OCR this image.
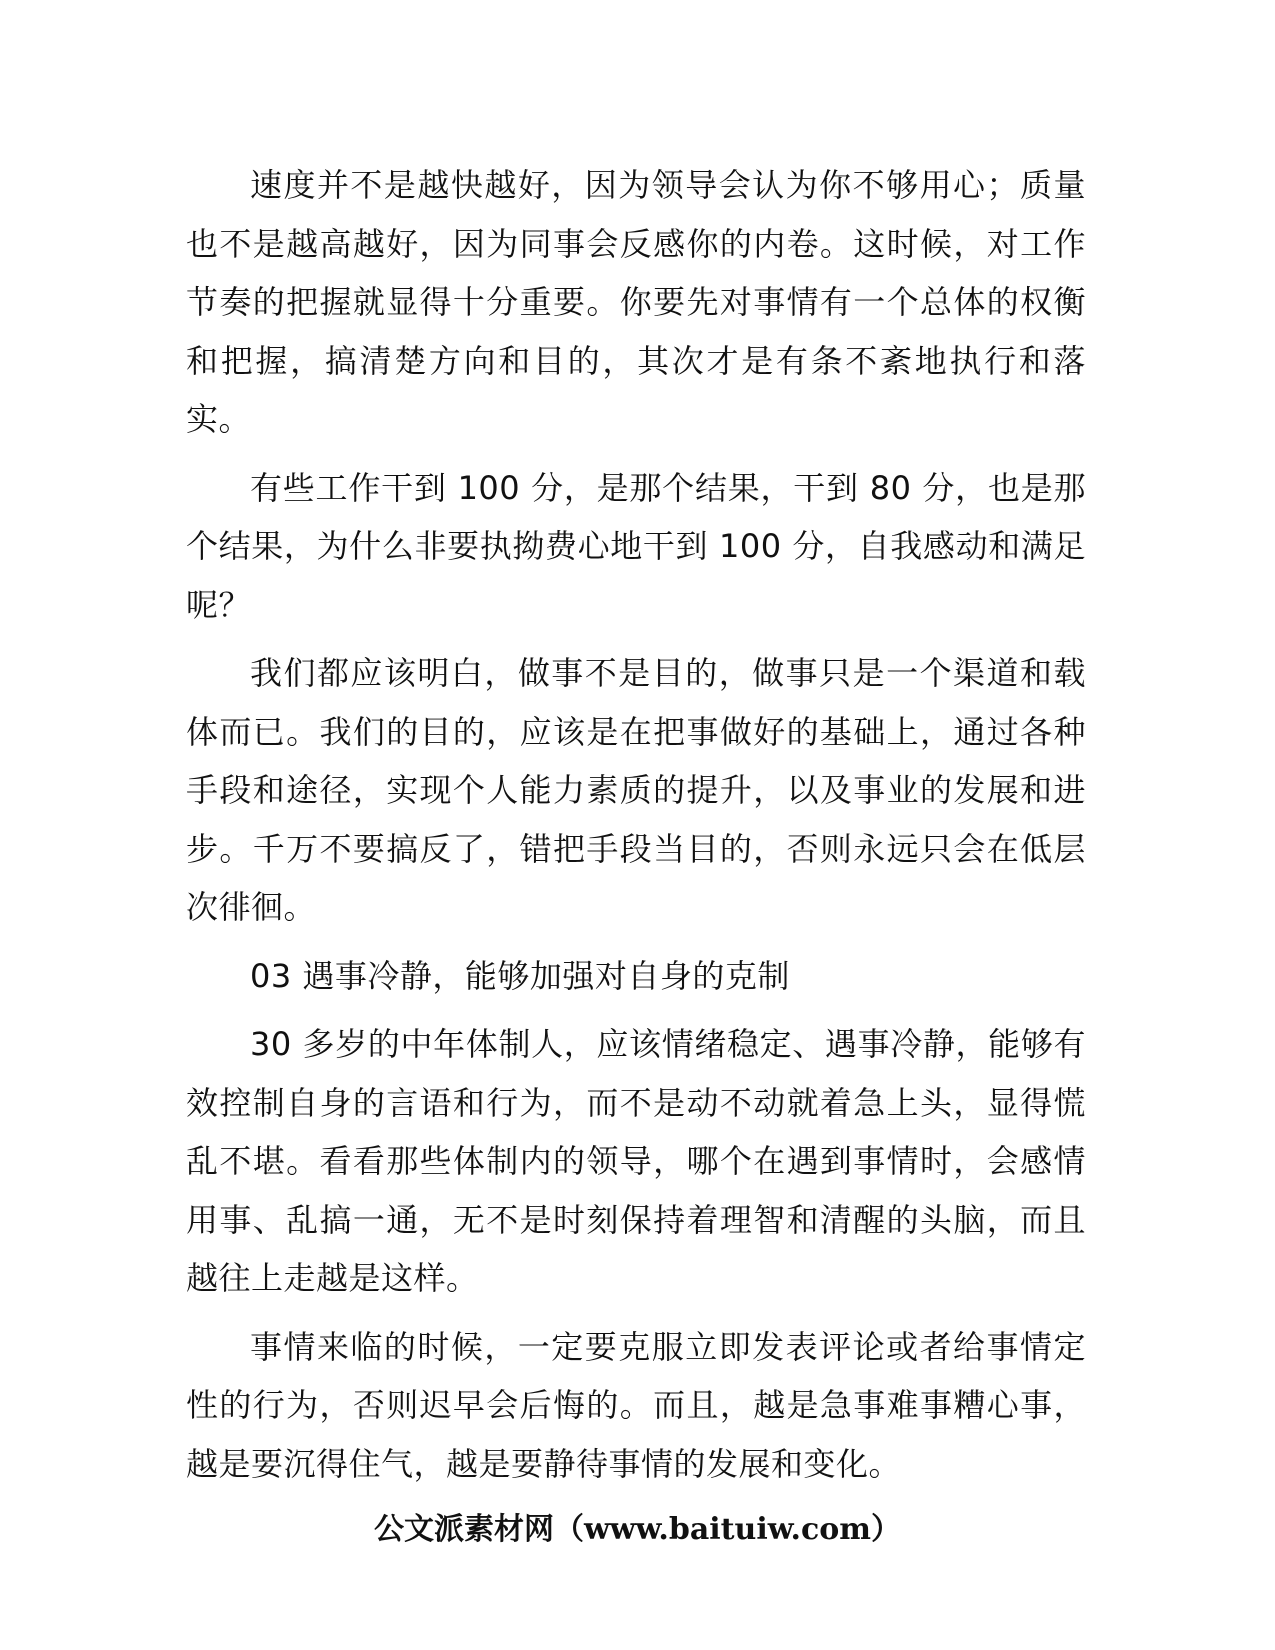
速度并不是越快越好，因为领导会认为你不够用心；质量也不是越高越好，因为同事会反感你的内卷。这时候，对工作节奏的把握就显得十分重要。你要先对事情有一个总体的权衡和把握，搞清楚方向和目的，其次才是有条不紊地执行和落实。

有些工作干到 100 分，是那个结果，干到 80 分，也是那个结果，为什么非要执拗费心地干到 100 分，自我感动和满足呢？

我们都应该明白，做事不是目的，做事只是一个渠道和载体而已。我们的目的，应该是在把事做好的基础上，通过各种手段和途径，实现个人能力素质的提升，以及事业的发展和进步。千万不要搞反了，错把手段当目的，否则永远只会在低层次徘徊。

03 遇事冷静，能够加强对自身的克制

30 多岁的中年体制人，应该情绪稳定、遇事冷静，能够有效控制自身的言语和行为，而不是动不动就着急上头，显得慌乱不堪。看看那些体制内的领导，哪个在遇到事情时，会感情用事、乱搞一通，无不是时刻保持着理智和清醒的头脑，而且越往上走越是这样。

事情来临的时候，一定要克服立即发表评论或者给事情定性的行为，否则迟早会后悔的。而且，越是急事难事糟心事，越是要沉得住气，越是要静待事情的发展和变化。

公文派素材网（www.baituiw.com）
